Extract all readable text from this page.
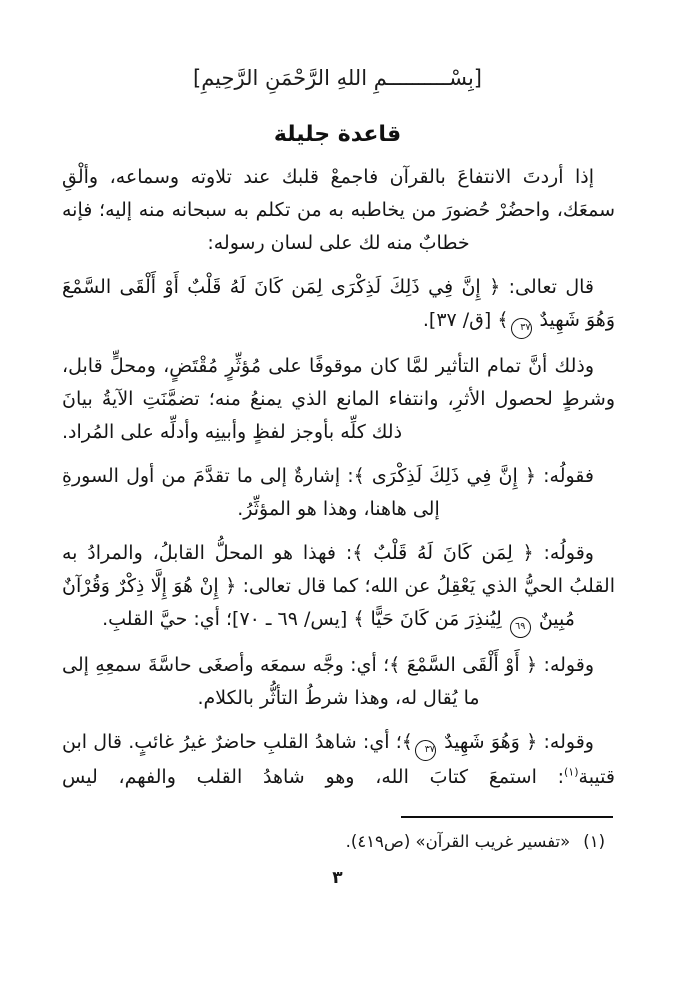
[بِسْــــــــــمِ اللهِ الرَّحْمَنِ الرَّحِيمِ]
قاعدة جليلة

إذا أردتَ الانتفاعَ بالقرآن فاجمعْ قلبك عند تلاوته وسماعه، وألْقِ سمعَك، واحضُرْ حُضورَ من يخاطبه به من تكلم به سبحانه منه إليه؛ فإنه خطابٌ منه لك على لسان رسوله:

قال تعالى: ﴿ إِنَّ فِي ذَلِكَ لَذِكْرَى لِمَن كَانَ لَهُ قَلْبٌ أَوْ أَلْقَى السَّمْعَ وَهُوَ شَهِيدٌ ٣٧﴾ [ق/ ٣٧].

وذلك أنَّ تمام التأثير لمَّا كان موقوفًا على مُؤثِّرٍ مُقْتَضٍ، ومحلٍّ قابل، وشرطٍ لحصول الأثرِ، وانتفاء المانع الذي يمنعُ منه؛ تضمَّنَتِ الآيةُ بيانَ ذلك كلِّه بأوجز لفظٍ وأبينِه وأدلِّه على المُراد.

فقولُه: ﴿ إِنَّ فِي ذَلِكَ لَذِكْرَى ﴾: إشارةٌ إلى ما تقدَّمَ من أول السورةِ إلى هاهنا، وهذا هو المؤثِّرُ.

وقولُه: ﴿ لِمَن كَانَ لَهُ قَلْبٌ ﴾: فهذا هو المحلُّ القابلُ، والمرادُ به القلبُ الحيُّ الذي يَعْقِلُ عن الله؛ كما قال تعالى: ﴿ إِنْ هُوَ إِلَّا ذِكْرٌ وَقُرْآنٌ مُبِينٌ ٦٩ لِيُنذِرَ مَن كَانَ حَيًّا ﴾ [يس/ ٦٩ ـ ٧٠]؛ أي: حيَّ القلبِ.

وقوله: ﴿ أَوْ أَلْقَى السَّمْعَ ﴾؛ أي: وجَّه سمعَه وأصغَى حاسَّةَ سمعِهِ إلى ما يُقال له، وهذا شرطُ التأثُّر بالكلام.

وقوله: ﴿ وَهُوَ شَهِيدٌ ٣٧﴾؛ أي: شاهدُ القلبِ حاضرٌ غيرُ غائبٍ. قال ابن قتيبة$^{(١)}$: استمعَ كتابَ الله، وهو شاهدُ القلب والفهم، ليس

(١)«تفسير غريب القرآن» (ص٤١٩).

٣
